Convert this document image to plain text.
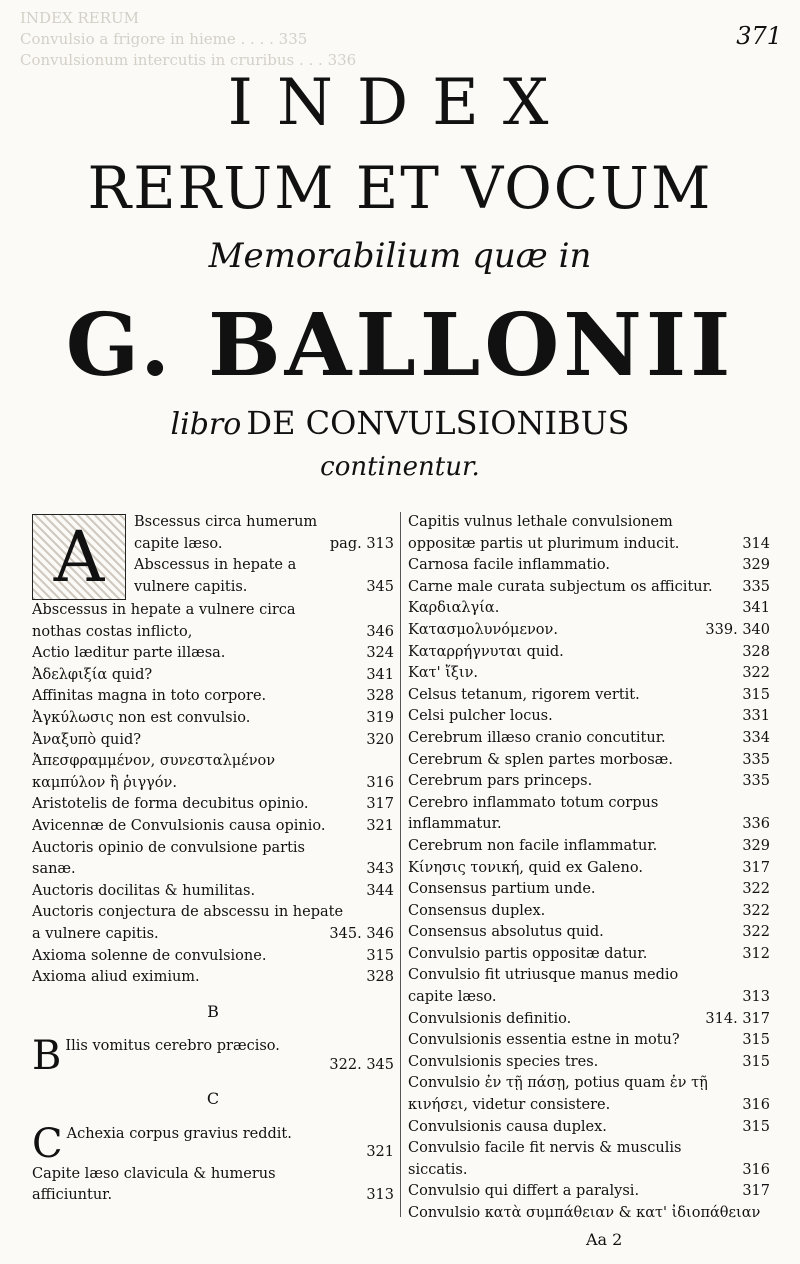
INDEX RERUM
Convulsio a frigore in hieme . . . . 335
Convulsionum intercutis in cruribus . . . 336
371
INDEX
RERUM ET VOCUM
Memorabilium quæ in
G. BALLONII
libro DE CONVULSIONIBUS
continentur.
A	Bscessus circa humerum capite læso.	pag. 313
Abscessus in hepate a vulnere capitis.	345
Abscessus in hepate a vulnere circa nothas costas inflicto,	346
Actio læditur parte illæsa.	324
Ἀδελφιξία quid?	341
Affinitas magna in toto corpore.	328
Ἀγκύλωσις non est convulsio.	319
Ἀναξυπὸ quid?	320
Ἀπεσφραμμένον, συνεσταλμένον καμπύλον ἢ ῥιγγόν.	316
Aristotelis de forma decubitus opinio.	317
Avicennæ de Convulsionis causa opinio.	321
Auctoris opinio de convulsione partis sanæ.	343
Auctoris docilitas & humilitas.	344
Auctoris conjectura de abscessu in hepate a vulnere capitis.	345. 346
Axioma solenne de convulsione.	315
Axioma aliud eximium.	328
B
B Ilis vomitus cerebro præciso.
322. 345
C
C Achexia corpus gravius reddit.
321
Capite læso clavicula & humerus afficiuntur.	313
Capitis vulnus lethale convulsionem oppositæ partis ut plurimum inducit.	314
Carnosa facile inflammatio.	329
Carne male curata subjectum os afficitur. 335
Καρδιαλγία.	341
Κατασμολυνόμενον.	339. 340
Καταρρήγνυται quid.	328
Κατ' ἴξιν.	322
Celsus tetanum, rigorem vertit.	315
Celsi pulcher locus.	331
Cerebrum illæso cranio concutitur.	334
Cerebrum & splen partes morbosæ.	335
Cerebrum pars princeps.	335
Cerebro inflammato totum corpus inflammatur.	336
Cerebrum non facile inflammatur.	329
Κίνησις τονική, quid ex Galeno.	317
Consensus partium unde.	322
Consensus duplex.	322
Consensus absolutus quid.	322
Convulsio partis oppositæ datur.	312
Convulsio fit utriusque manus medio capite læso.	313
Convulsionis definitio.	314. 317
Convulsionis essentia estne in motu?	315
Convulsionis species tres.	315
Convulsio ἐν τῇ πάσῃ, potius quam ἐν τῇ κινήσει, videtur consistere.	316
Convulsionis causa duplex.	315
Convulsio facile fit nervis & musculis siccatis.	316
Convulsio qui differt a paralysi.	317
Convulsio κατὰ συμπάθειαν & κατ' ἰδιοπάθειαν
Aa 2
